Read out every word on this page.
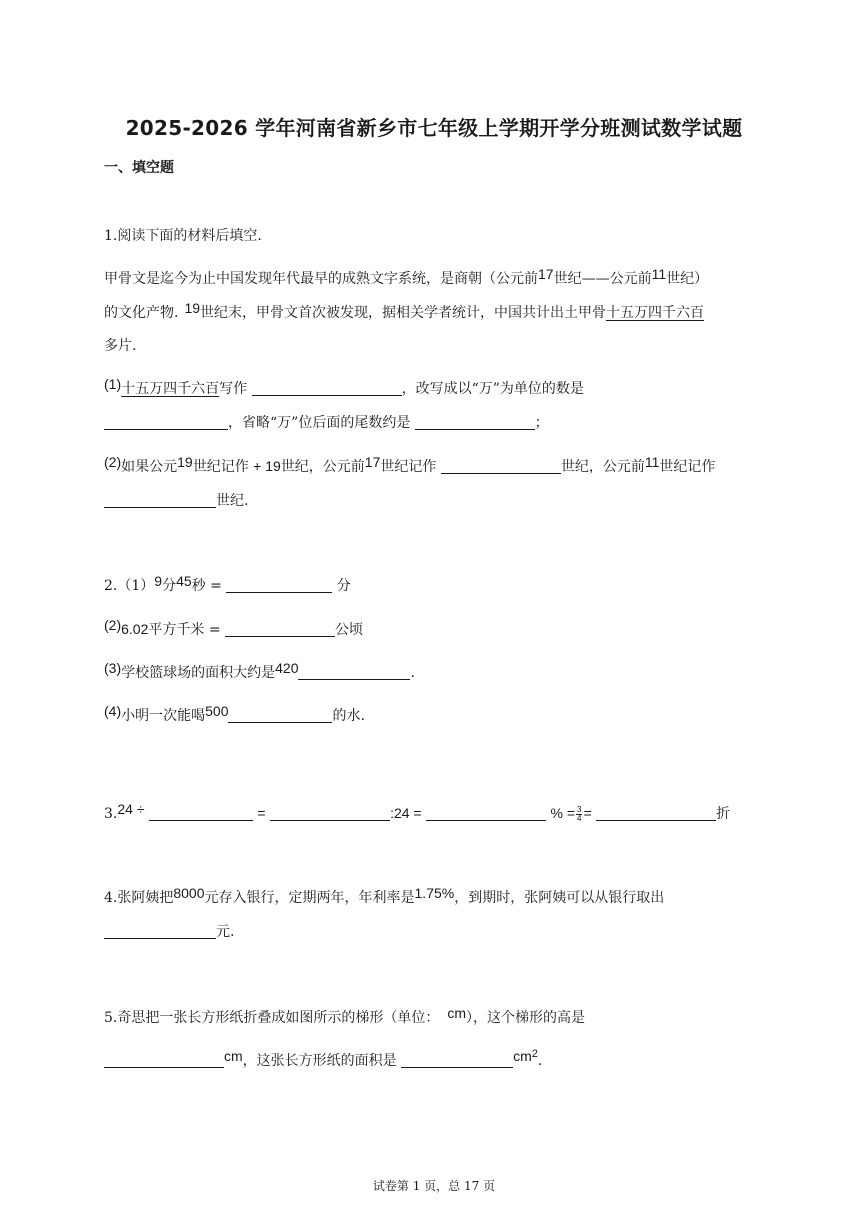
2025-2026 学年河南省新乡市七年级上学期开学分班测试数学试题
一、填空题
1.阅读下面的材料后填空.
甲骨文是迄今为止中国发现年代最早的成熟文字系统，是商朝（公元前17世纪——公元前11世纪）
的文化产物. 19世纪末，甲骨文首次被发现，据相关学者统计，中国共计出土甲骨十五万四千六百
多片.
(1)十五万四千六百写作	，改写成以“万”为单位的数是
，省略“万”位后面的尾数约是	；
(2)如果公元19世纪记作 + 19世纪，公元前17世纪记作	世纪，公元前11世纪记作
世纪.
2.（1）9分45秒 =	分
(2)6.02平方千米 =	公顷
(3)学校篮球场的面积大约是420	.
(4)小明一次能喝500	的水.
3.24 ÷	=	:24 =	% = $\frac{3}{4}$ =	折
4.张阿姨把8000元存入银行，定期两年，年利率是1.75%，到期时，张阿姨可以从银行取出
元.
5.奇思把一张长方形纸折叠成如图所示的梯形（单位： cm），这个梯形的高是
cm，这张长方形纸的面积是	$cm^2$.
试卷第 1 页，总 17 页
